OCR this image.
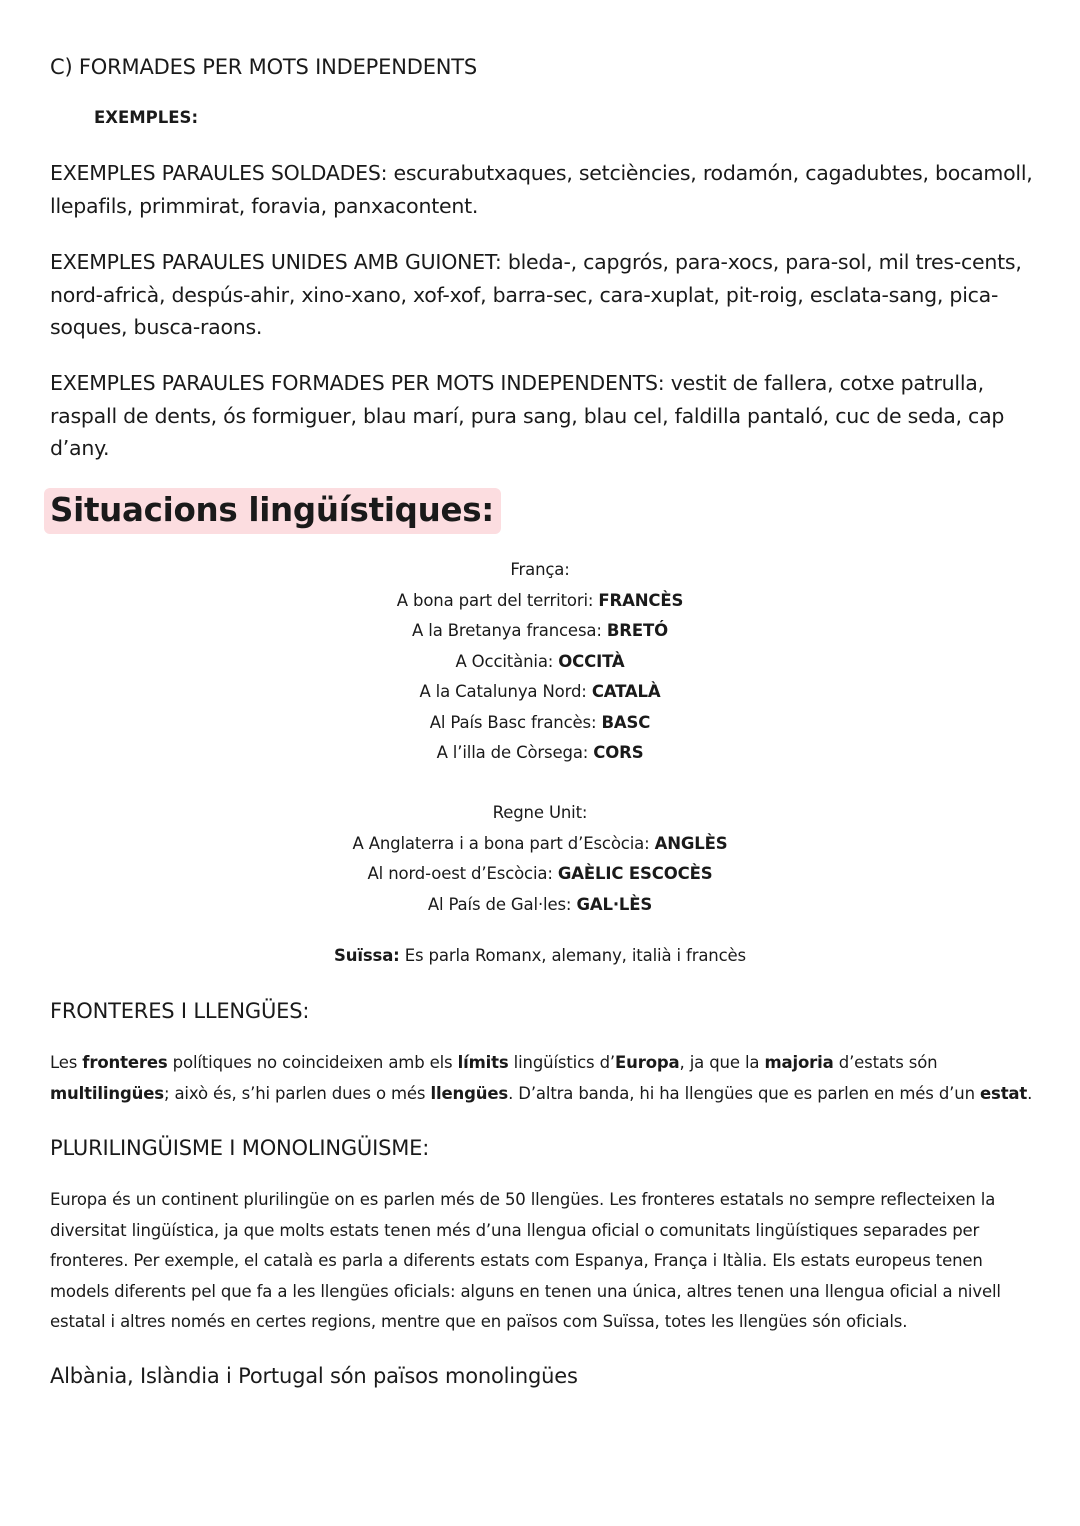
C) FORMADES PER MOTS INDEPENDENTS
EXEMPLES:

EXEMPLES PARAULES SOLDADES: escurabutxaques, setciències, rodamón, cagadubtes, bocamoll, llepafils, primmirat, foravia, panxacontent.

EXEMPLES PARAULES UNIDES AMB GUIONET: bleda-, capgrós, para-xocs, para-sol, mil tres-cents, nord-africà, despús-ahir, xino-xano, xof-xof, barra-sec, cara-xuplat, pit-roig, esclata-sang, pica-soques, busca-raons.

EXEMPLES PARAULES FORMADES PER MOTS INDEPENDENTS: vestit de fallera, cotxe patrulla, raspall de dents, ós formiguer, blau marí, pura sang, blau cel, faldilla pantaló, cuc de seda, cap d’any.

Situacions lingüístiques:
França:
A bona part del territori: FRANCÈS
A la Bretanya francesa: BRETÓ
A Occitània: OCCITÀ
A la Catalunya Nord: CATALÀ
Al País Basc francès: BASC
A l’illa de Còrsega: CORS
Regne Unit:
A Anglaterra i a bona part d’Escòcia: ANGLÈS
Al nord-oest d’Escòcia: GAÈLIC ESCOCÈS
Al País de Gal·les: GAL·LÈS
Suïssa: Es parla Romanx, alemany, italià i francès
FRONTERES I LLENGÜES:

Les fronteres polítiques no coincideixen amb els límits lingüístics d’Europa, ja que la majoria d’estats són multilingües; això és, s’hi parlen dues o més llengües. D’altra banda, hi ha llengües que es parlen en més d’un estat.

PLURILINGÜISME I MONOLINGÜISME:

Europa és un continent plurilingüe on es parlen més de 50 llengües. Les fronteres estatals no sempre reflecteixen la diversitat lingüística, ja que molts estats tenen més d’una llengua oficial o comunitats lingüístiques separades per fronteres. Per exemple, el català es parla a diferents estats com Espanya, França i Itàlia. Els estats europeus tenen models diferents pel que fa a les llengües oficials: alguns en tenen una única, altres tenen una llengua oficial a nivell estatal i altres només en certes regions, mentre que en països com Suïssa, totes les llengües són oficials.

Albània, Islàndia i Portugal són països monolingües
